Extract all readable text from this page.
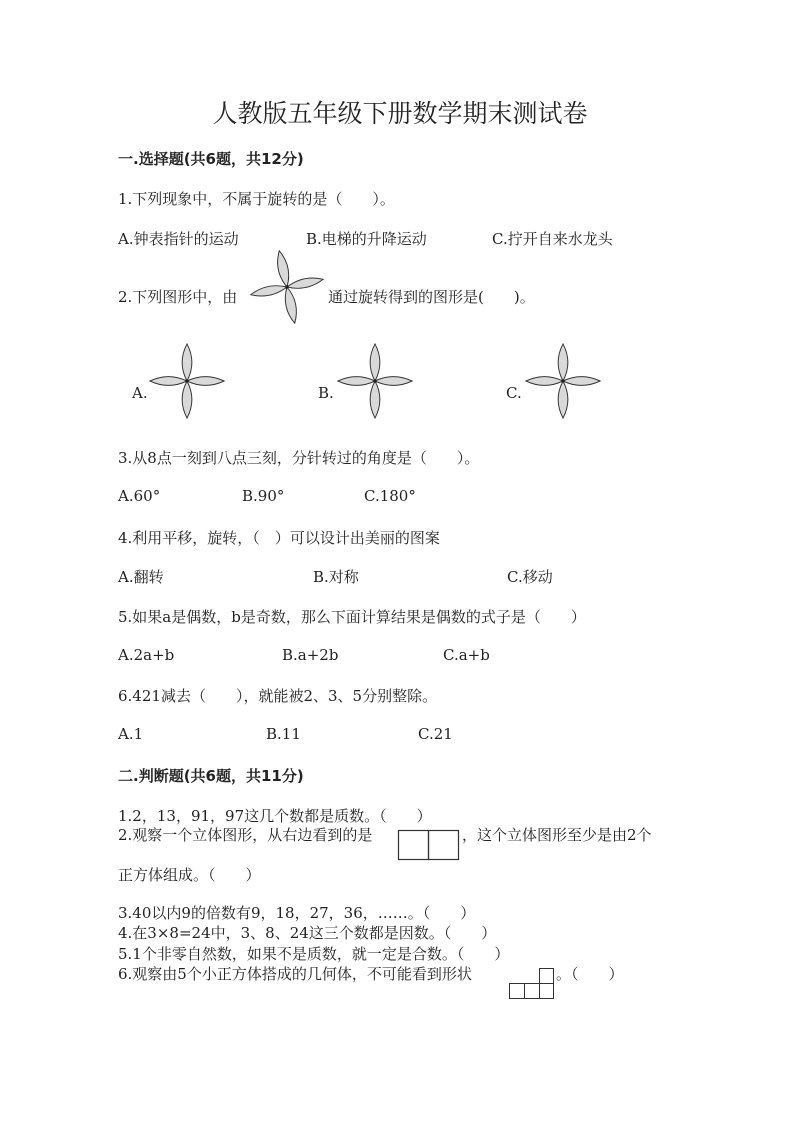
人教版五年级下册数学期末测试卷
一.选择题(共6题，共12分)
1.下列现象中，不属于旋转的是（　　）。
A.钟表指针的运动	B.电梯的升降运动	C.拧开自来水龙头
2.下列图形中，由	通过旋转得到的图形是(　　)。
A.	B.	C.
3.从8点一刻到八点三刻，分针转过的角度是（　　）。
A.60°	B.90°	C.180°
4.利用平移，旋转，（　）可以设计出美丽的图案
A.翻转	B.对称	C.移动
5.如果a是偶数，b是奇数，那么下面计算结果是偶数的式子是（　　）
A.2a+b	B.a+2b	C.a+b
6.421减去（　　），就能被2、3、5分别整除。
A.1	B.11	C.21
二.判断题(共6题，共11分)
1.2，13，91，97这几个数都是质数。（　　）
2.观察一个立体图形，从右边看到的是	，这个立体图形至少是由2个
正方体组成。（　　）
3.40以内9的倍数有9，18，27，36，……。（　　）
4.在3×8=24中，3、8、24这三个数都是因数。（　　）
5.1个非零自然数，如果不是质数，就一定是合数。（　　）
6.观察由5个小正方体搭成的几何体，不可能看到形状	。（　　）
